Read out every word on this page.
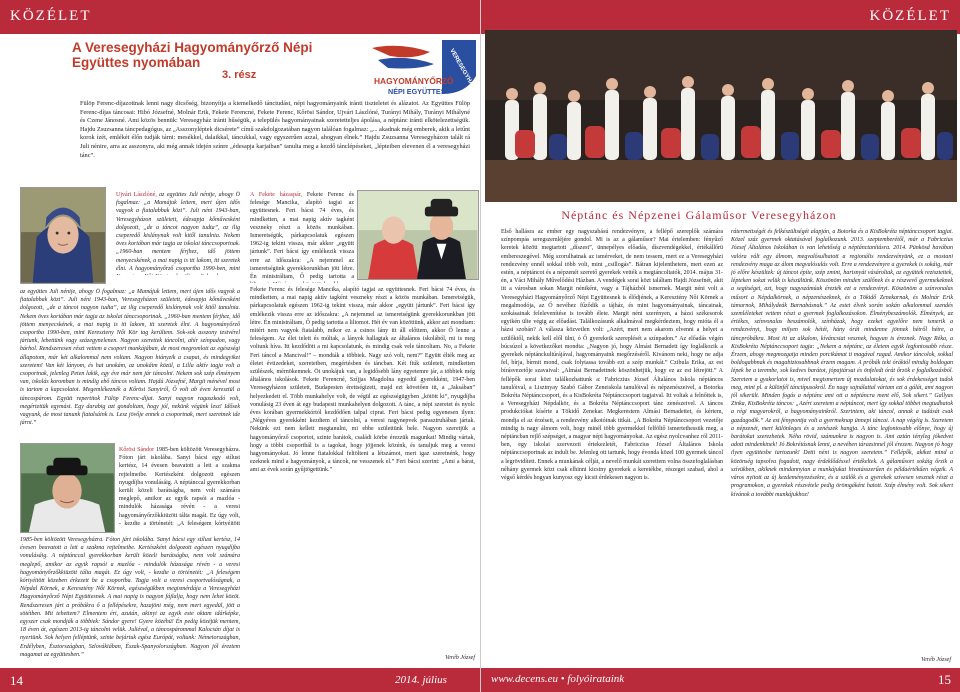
KÖZÉLET
A Veresegyházi Hagyományőrző Népi Együttes nyomában
3. rész	HAGYOMÁNYŐRZŐ
NÉPI EGYÜTTES
VERESEGYHÁZ
Fülöp Ferenc-díjazottnak lenni nagy dicsőség, bizonyítja a kiemelkedő tánctudást, népi hagyományaink iránti tiszteletet és alázatot. Az Együttes Fülöp Ferenc-díjas táncosai: Hibó Józsefné, Molnár Erik, Fekete Ferencné, Fekete Ferenc, Kőrösi Sándor, Ujvári Lászlóné, Turányi Mihály, Turányi Mihályné és Czene Jánosné. Ami közös bennük: Veresegyház iránti hűségük, a település hagyományainak szeretetteljes ápolása, a néptánc iránti elkötelezettségük. Hajdu Zsuzsanna táncpedagógus, az „Asszonyléptek dicsérete” című szakdolgozatában nagyon találóan fogalmaz: „... akadnak még emberek, akik a letűnt korok ízét, emlékét élőn tudják tárni: mesékkel, dalaikkal, táncukkal, vagy egyszerűen azzal, ahogyan élnek.” Hajdu Zsuzsanna Veresegyházon talált rá Juli nénire, arra az asszonyra, aki még annak idején színre „édesapja karjaiban” tanulta meg a kezdő tánclépéseket, „lépteiben elevenen él a veresegyházi tánc”.
Ujvári Lászlóné, az együttes Juli nénije, ahogy Ő fogalmaz: „a Mamájuk lettem, mert újen idős vagyok a fiatalabbak közt”. Juli néni 1943-ban, Veresegyházon született, édesapja kőművesként dolgozott, „de a táncot nagyon tudta”, az ilig cseperedő kislánynak volt kitől tanulnia. Nekem öves koriában már tagja az iskolai tánccsoportnak. „1960-ban mentem férjhez, idő jöttem menyecskének, a mai napig is itt lakom, itt szeretek élni. A hagyományőrző csoportba 1990-ben, mint
az együttes Juli nénije, ahogy Ő fogalmaz: „a Mamájuk lettem, mert újen idős vagyok a fiatalabbak közt”. Juli néni 1943-ban, Veresegyházon született, édesapja kőművesként dolgozott, „de a táncot nagyon tudta”, az ilig cseperedő kislánynak volt kitől tanulnia. Nekem öves koriában már tagja az iskolai tánccsoportnak. „1960-ban mentem férjhez, idő jöttem menyecskének, a mai napig is itt lakom, itt szeretek élni. A hagyományőrző csoportba 1990-ben, mint Kereszteny Női Kör tag kerültem. Sok-sok asszony testvérel jártunk, lebettünk vagy százegynelenen. Nagyon szerettek táncolni, ahír színpadon, vagy bárhol. Rendszeresen részt vettem a csoport munkájában, de most megromlott az egészségi állapotom, már két alkalommal nem voltam. Nagyon hiányzik a csapat, és mindegyiket szeretem! Van két lányom, és hat unokám, az unokáim közül, a Lilla aktív tagja volt a csoportnak, jelenleg Peten lakik, egy éve már nem jár táncolni. Nekem sok szép élményem van, iskolás koromban is mindig ebő táncos voltam. Hajdú Józsefné, Margit ménével most is tartom a kapcsolatot. Megemlékeznék a Kőrösi Sanyiról, Ő volt ab éven keresztül a táncospárom. Együtt repertitok Fülöp Ferenc-díjat. Sanyi nagyon ragaszkodó volt, megértettük egymást. Egy darabig azt gondoltam, hogy jól, nekünk végünk lesz! Idősek vagyunk, de most tanunk fiatalsáink is. Lesz jövője ennek a csoportnak, mert szeretnek ide járni.”
Kőrösi Sándor 1985-ben költözött Veresegyházra. Fóton járt iskolába. Sanyi bácsi egy stílust kertész, 14 évesen beavatott a lett a szakma rejtelmeibe. Kertészként dolgozott egészen nyugdíjba vonulásáig. A néptánccal gyerekkorban került közeli barátságba, nem volt számára meglepő, amikor az egyik rapsói a mazlóa - mindulók házasága révén - a veresi hagyományőrzőkkiüzött tálta magát. Ez úgy volt, - kezdte a történetét: „A feleségem kórtyéitött
1985-ben költözött Veresegyházra. Fóton járt iskolába. Sanyi bácsi egy stílust kertész, 14 évesen beavatott a lett a szakma rejtelmeibe. Kertészként dolgozott egészen nyugdíjba vonulásáig. A néptánccal gyerekkorban került közeli barátságba, nem volt számára meglepő, amikor az egyik rapsói a mazlóa - mindulók házasága révén - a veresi hagyományőrzőkkiüzött tálta magát. Ez úgy volt, - kezdte a történetét: „A feleségem kórtyéitött közeben érkezett be a csoportba. Tagja volt a veresi csoportvalóságnak, a Népdal Körnek, a Keresztény Női Körnek, egészségükben megismérdája a Veresegyházi Hagyományőrző Népi Együttesnek. A mai napig is nagyon fájlalja, hogy nem lehet közöt. Rendszeresen járt a próbákra ő a fellépésekre, hazajöni még, nem mert egyedül, jött a sötétben. Mit tehettem? Elmentem ért, azután, akinyi az egyik este oktam idárképke, egyszer csak mondják a többiek: Sándor gyere! Gyere közéhü! Én pedig közéjük mentem, 18 éven át, egészen 2013-ig táncolni velük. Juliéval, a táncospárommal Kalocsán díjat is nyertünk. Sok helyen felléptünk, szinte bejártuk egész Európát, voltunk: Németországban, Erdélyben, Észtországban, Szlovákiában, Észak-Spanyolországban. Nagyon jól éreztem magamat az együttesben.”
A Fekete házaspár, Fekete Ferenc és felesége Mancika, alapító tagjai az együttesnek. Feri bácsi 74 éves, és mindketten, a mai napig aktív tagként veszneky részt a közös munkában. Ismeretségük, párkapcsolatuk egészen 1962-ig tekint vissza, már akkor „együtt jártunk”. Feri bácsi így emlékezik vissza erre az időszakra: „A nejemmel az ismeretségünk gyerekkorunkban jött létre. Én ministráltam, Ő pedig tartotta a
Fekete Ferenc és felesége Mancika, alapító tagjai az együttesnek. Feri bácsi 74 éves, és mindketten, a mai napig aktív tagként veszneky részt a közös munkában. Ismeretségük, párkapcsolatuk egészen 1962-ig tekint vissza, már akkor „együtt jártunk”. Feri bácsi így emlékezik vissza erre az időszakra: „A nejemmel az ismeretségünk gyerekkorunkban jött létre. Én ministráltam, Ő pedig tartotta a liliomot. Hét év van közöttünk, akkor azt mondtam: mitért nem vagyok fiatalabb, mikor ez a csinos lány itt áll előttem, akkor Ő lenne a feleségem. Az élet telett és múltak, a lányok hallagtak az általános iskolából, mi is meg voltunk híva. Itt kezdődött a mi kapcsolatunk, és mindig csak vele táncoltam. No, a Fekete Feri táncol a Mancival!” – mondták a többiek. Nagy szó volt, nem?” Együtt élték meg az életet évtizedeket, szeretetben, megértésben és táncban. Két fiúk született, mindketten szülészek, mérnökemnek. Öt unokájuk van, a legidősebb lány egyetemre jár, a többiek még általános iskolások. Fekete Ferencné, Szíjjas Magdolna egyedül gyerekként, 1947-ben Veresegyházon született, Budapesten érettségizett, majd ezt követően itt, a „Jaksában” helyezkedett el. Több munkahelye volt, de végül az egészségügyben „kötött ki”, nyugdíjba vonulásig 23 éven át egy budapesti munkahelyen dolgozott. A tánc, a népi szeretet és nyolc éves korában gyermekkórtól kezdődően talpal ciprat. Feri bácsi pedig egyenesen ilyen: „Négyéves gyerekként kezdtem el táncolni, a veresi nagynepvek parasztruhában jártak. Nekünk ezt nem kellett megtanulni, mi ebbe születtünk bele. Nagyon szeretjük a hagyományőrző csoportot, szinte barátok, családi körbe érezzük magunkat! Mindig vártak, hogy a többi csoportbál is a tagokat, hogy jöjjenek közénk, és tanuljuk meg a veresi hagyományokat. Jó lenne fiatalokkal feltölteni a létszámot, mert igaz szeretnénk, hogy ezeknek mind a hagyományok, a táncok, ne vesszenek el.” Feri bácsi szerint: „Ami a bárat, ami az évek során gyűjtögettünk.”
Veréb József
14	2014. július
KÖZÉLET
Néptánc és Népzenei Gálaműsor Veresegyházon
Első hallásra az ember egy nagyszabású rendezvényre, a fellépő szereplők számára színpompás seregszemléjére gondol. Mi is az a gálaműsor? Mai értelemben: fényűző keretek között megtartott „díszest”, ünnepélyes előadás, díszvendégekkel, értékállőrü embereszegével. Még szorulhatnak az ismérveket, de nem tessem, mert ez a Veresegyházi rendezvény ennél sokkal több volt, mint „csillogás”. Bátran kijelenthetem, mert ezen az estén, a néptáncot és a népzenét szerető gyerekek vették a megtáncoltatók, 2014. május 31-én, a Váci Mihály Művelődési Házban. A vendégek sorai közt találtam Hajdi Józsefnét, akit itt a városban sokan Margit néniként, vagy a Tájházból ismernek. Margit néni volt a Veresegyházi Hagyományőrző Népi Együttesnek is élődjének, a Keresztény Női Körnek a megalmodója, az Ő nevéhez fűződik a tájház, és mint hagyományainak, táncainak, szokásainak felelevenítése is tovább élete. Margit néni szerényen, a házsi székesorok egyikén ülte végig az előadást. Találkozásunk alkalmával megkérdeztem, hogy mióta él a házsi szobán? A válasza közvetlen volt: „Azért, mert nem akarom elvenni a helyet a szülőktől, nekik kell elől ülni, ó Ő gyerekeik szereplését a színpadon.” Az előadás végén búcsúzol a következőket mondta: „Nagyon jó, hogy Almási Bernadett így foglalkozik a gyerekek néptánckultúrájával, hagyományaink megőrzéséről. Kivánom neki, hogy ne adja fel, bírja, bírmit mond, csak folytassa tovább ezt a szép munkát.” Czibula Erika, az est bírásvezetője szavaival: „Almási Bernadettnek köszönhetjük, hogy ez az est létrejött.” A fellépők sorai közt találkozhattunk a: Fabriczius József Általános Iskola néptáncos tanulóival, a Lisztnyay Szabó Gábor Zeneiskola tanulóival és népzenészeivel, a Botorka Bokréta Néptánccsoport, és a KisBokréta Néptánccsoport tagjaival. Itt voltak a felnőttek is, a Veresegyházi Népdalkör, és a Bokréta Néptánccsoport tánc zenészeivel. A táncos produkciókat kísérte a Tökidő Zenekar. Megkerestem Almási Bernadettet, és kértem, mondja el az érzéseit, a rendezvény alkotóinak titkát. „A Bokréta Néptánccsoport vezetője mindig is nagy álmom volt, hogy minél több gyermekkel felföltő ismertethessük meg, a néptáncban rejlő szépséget, a magyar népi hagyományokat. Az egész nyolcvanhez ról 2011-ben, egy iskolai szervezeti értekezletét, Fabriczius József Általános Iskola néptánccsoportnak az indult be. Jelenleg ott tartunk, hogy évonda közel 100 gyermek táncol a legrövidített. Ennek a munkának célját, a nevelő munkát szerettem volna összefoglalásban néhány gyermek közt csak elhinni kicsiny gyerekek a keretékbe, részeget szabad, ahol a végső kérdés hogyan kunyosz egy kicsit érdekesen nagyon is.
rátermettségét és felkészültségét alapján, a Botorka és a KisBokréta néptánccsoport tagjai. Közel száz gyermek oktatásával foglalkozunk. 2013. szeptemberétől, már a Fabriczius József Általános Iskolában is van lehetőség a néptánctanításra. 2014. Pünkösd havában valóra vált egy álmom, megvalósulhatott a regionális rendezvényünk, ez a mostani rendezvény maga az álom megvalósulás volt. Erre a rendezvényre a gyerekek is sokáig, már jó előre készültek: új táncot építe, szép zmint, harisnyát vásároltak, az együttek rezisztettek, lépteken sokat velük is készültünk. Köszönöm minden szülőnek és a részvevő gyermekeknek a segítséget, azt, hogy nagyszámúak érezték ezt a rendezvényt. Köszönöm a színvonalas műsort a Népdalkörnek, a népzenészeknek, és a Tökidő Zenekarnak, és Molnár Erik támarnok, Mihálydeák Barnabásnak.” Az estet élvek során sokán alkalommal szendés szemléleteket vettem részt a gyermek foglalkozásokon. Élménybeszámolók. Élmények, az értékes, színvonalas beszámolók, színházak, hogy ezeket egyelőre nem ismerik a rendezvényt, hogy milyen sok hétét, hány órát mindenne jönnek hétről hétre, a táncpróbákra. Most itt az alkalom, kíváncsiat vesznek, hogyan is éreznek. Nagy Réka, a KisBokréta Néptánccsoport tagja: „Nekem a néptánc, az életem egyik legfontosabb része. Érzem, ahogy megmozgatja minden porcikámat ti magával ragad. Amikor táncolok, sokkal boldogabbnak és magabiztosabbnak érzem magam. A próbák teki óráktól mindig boldogan lépek be a terembe, sok kedves barátot, jópajtársat és önfeledt órát őrzök e foglalkozásból. Szeretem a gyakorlatot is, mivel megismertem új mozdulatokat, és sok érdekességet tudok meg, mint pl. a különfél tánctípusokról. Én nagy sajnálattal vártam ezt a gálát, ami nagyon jól sikerült. Minden fogás a néptánc ami ott a néptáncra ment elő, Sok sikert.” Gallyas Zinka, KisBokréta táncos: „Azért szeretem a néptáncot, mert így sokkal többet megtudhatok a régi magyarokról, a hagyományainkról. Szerintem, aki táncol, annak a tudását csak gazdagodik.” Az est fénypontja volt a gyermeknap ünnepi táncai. A nap végéig is. Szeretem a népzenét, mert különleges és a zenészek hangja. A tánc legfontosabb előnye, hogy új barátokat szerezhetek. Néha rövid, számunkra is nagyon is. Ami aztán tényleg jókedvet adott mindenkinek! Jó Bokrétásnak lenni, a nevében tárazsinnel jól érezem. Nagyon jó hogy ilyen együttesbe tartozunk! Detti néni is nagyon szeretem.” Fellépők, akiket mind a közönség tapsolva fogadott, nagy érdeklődéssel értékeltek. A gálaműsort sokáig őrzik a szívükben, akiknek mindannyian a munkájukat hivatásszerűen és példaértékűen végzik. A város nyitott az új kezdeményezésekre, és a szülők és a gyerekek szívesen vesznek részt a programokon, a gyerekek részvétele pedig örömgáként hatott. Szép élmény volt. Sok sikert kívánok a további munkájukhoz!
Veréb József
www.decens.eu • folyóirataink	15
